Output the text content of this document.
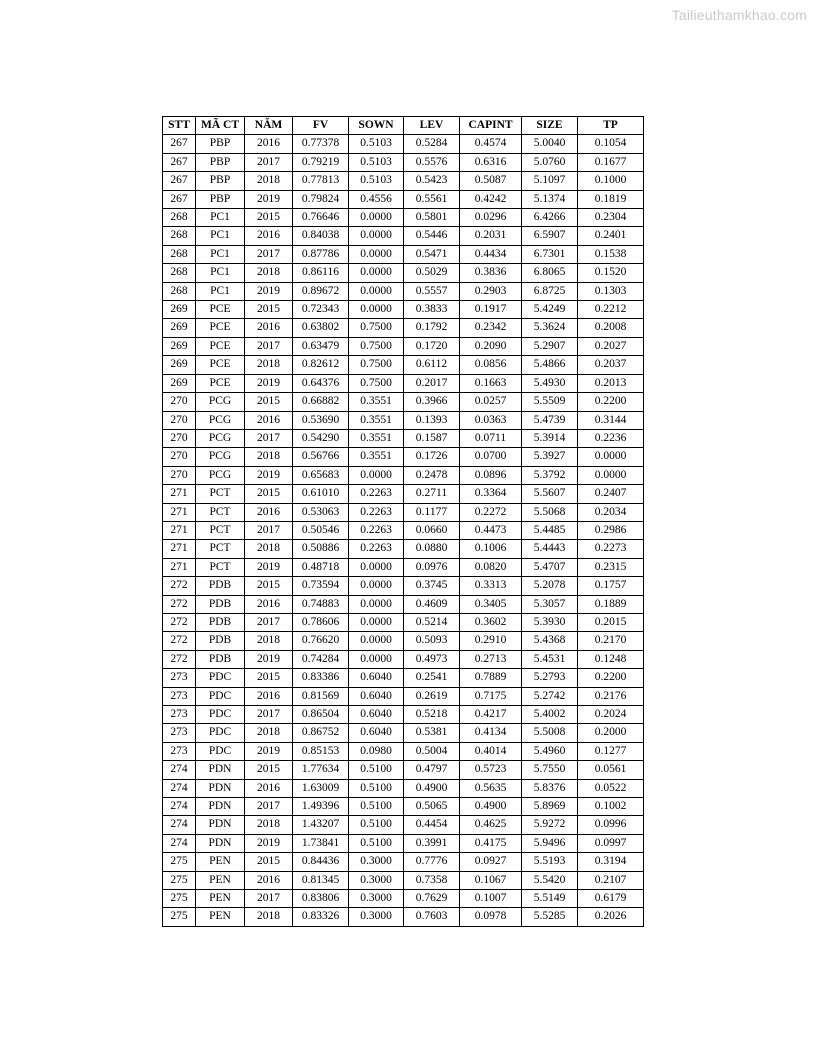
Tailieuthamkhao.com
STT	MÃ CT	NĂM	FV	SOWN	LEV	CAPINT	SIZE	TP
267	PBP	2016	0.77378	0.5103	0.5284	0.4574	5.0040	0.1054
267	PBP	2017	0.79219	0.5103	0.5576	0.6316	5.0760	0.1677
267	PBP	2018	0.77813	0.5103	0.5423	0.5087	5.1097	0.1000
267	PBP	2019	0.79824	0.4556	0.5561	0.4242	5.1374	0.1819
268	PC1	2015	0.76646	0.0000	0.5801	0.0296	6.4266	0.2304
268	PC1	2016	0.84038	0.0000	0.5446	0.2031	6.5907	0.2401
268	PC1	2017	0.87786	0.0000	0.5471	0.4434	6.7301	0.1538
268	PC1	2018	0.86116	0.0000	0.5029	0.3836	6.8065	0.1520
268	PC1	2019	0.89672	0.0000	0.5557	0.2903	6.8725	0.1303
269	PCE	2015	0.72343	0.0000	0.3833	0.1917	5.4249	0.2212
269	PCE	2016	0.63802	0.7500	0.1792	0.2342	5.3624	0.2008
269	PCE	2017	0.63479	0.7500	0.1720	0.2090	5.2907	0.2027
269	PCE	2018	0.82612	0.7500	0.6112	0.0856	5.4866	0.2037
269	PCE	2019	0.64376	0.7500	0.2017	0.1663	5.4930	0.2013
270	PCG	2015	0.66882	0.3551	0.3966	0.0257	5.5509	0.2200
270	PCG	2016	0.53690	0.3551	0.1393	0.0363	5.4739	0.3144
270	PCG	2017	0.54290	0.3551	0.1587	0.0711	5.3914	0.2236
270	PCG	2018	0.56766	0.3551	0.1726	0.0700	5.3927	0.0000
270	PCG	2019	0.65683	0.0000	0.2478	0.0896	5.3792	0.0000
271	PCT	2015	0.61010	0.2263	0.2711	0.3364	5.5607	0.2407
271	PCT	2016	0.53063	0.2263	0.1177	0.2272	5.5068	0.2034
271	PCT	2017	0.50546	0.2263	0.0660	0.4473	5.4485	0.2986
271	PCT	2018	0.50886	0.2263	0.0880	0.1006	5.4443	0.2273
271	PCT	2019	0.48718	0.0000	0.0976	0.0820	5.4707	0.2315
272	PDB	2015	0.73594	0.0000	0.3745	0.3313	5.2078	0.1757
272	PDB	2016	0.74883	0.0000	0.4609	0.3405	5.3057	0.1889
272	PDB	2017	0.78606	0.0000	0.5214	0.3602	5.3930	0.2015
272	PDB	2018	0.76620	0.0000	0.5093	0.2910	5.4368	0.2170
272	PDB	2019	0.74284	0.0000	0.4973	0.2713	5.4531	0.1248
273	PDC	2015	0.83386	0.6040	0.2541	0.7889	5.2793	0.2200
273	PDC	2016	0.81569	0.6040	0.2619	0.7175	5.2742	0.2176
273	PDC	2017	0.86504	0.6040	0.5218	0.4217	5.4002	0.2024
273	PDC	2018	0.86752	0.6040	0.5381	0.4134	5.5008	0.2000
273	PDC	2019	0.85153	0.0980	0.5004	0.4014	5.4960	0.1277
274	PDN	2015	1.77634	0.5100	0.4797	0.5723	5.7550	0.0561
274	PDN	2016	1.63009	0.5100	0.4900	0.5635	5.8376	0.0522
274	PDN	2017	1.49396	0.5100	0.5065	0.4900	5.8969	0.1002
274	PDN	2018	1.43207	0.5100	0.4454	0.4625	5.9272	0.0996
274	PDN	2019	1.73841	0.5100	0.3991	0.4175	5.9496	0.0997
275	PEN	2015	0.84436	0.3000	0.7776	0.0927	5.5193	0.3194
275	PEN	2016	0.81345	0.3000	0.7358	0.1067	5.5420	0.2107
275	PEN	2017	0.83806	0.3000	0.7629	0.1007	5.5149	0.6179
275	PEN	2018	0.83326	0.3000	0.7603	0.0978	5.5285	0.2026
